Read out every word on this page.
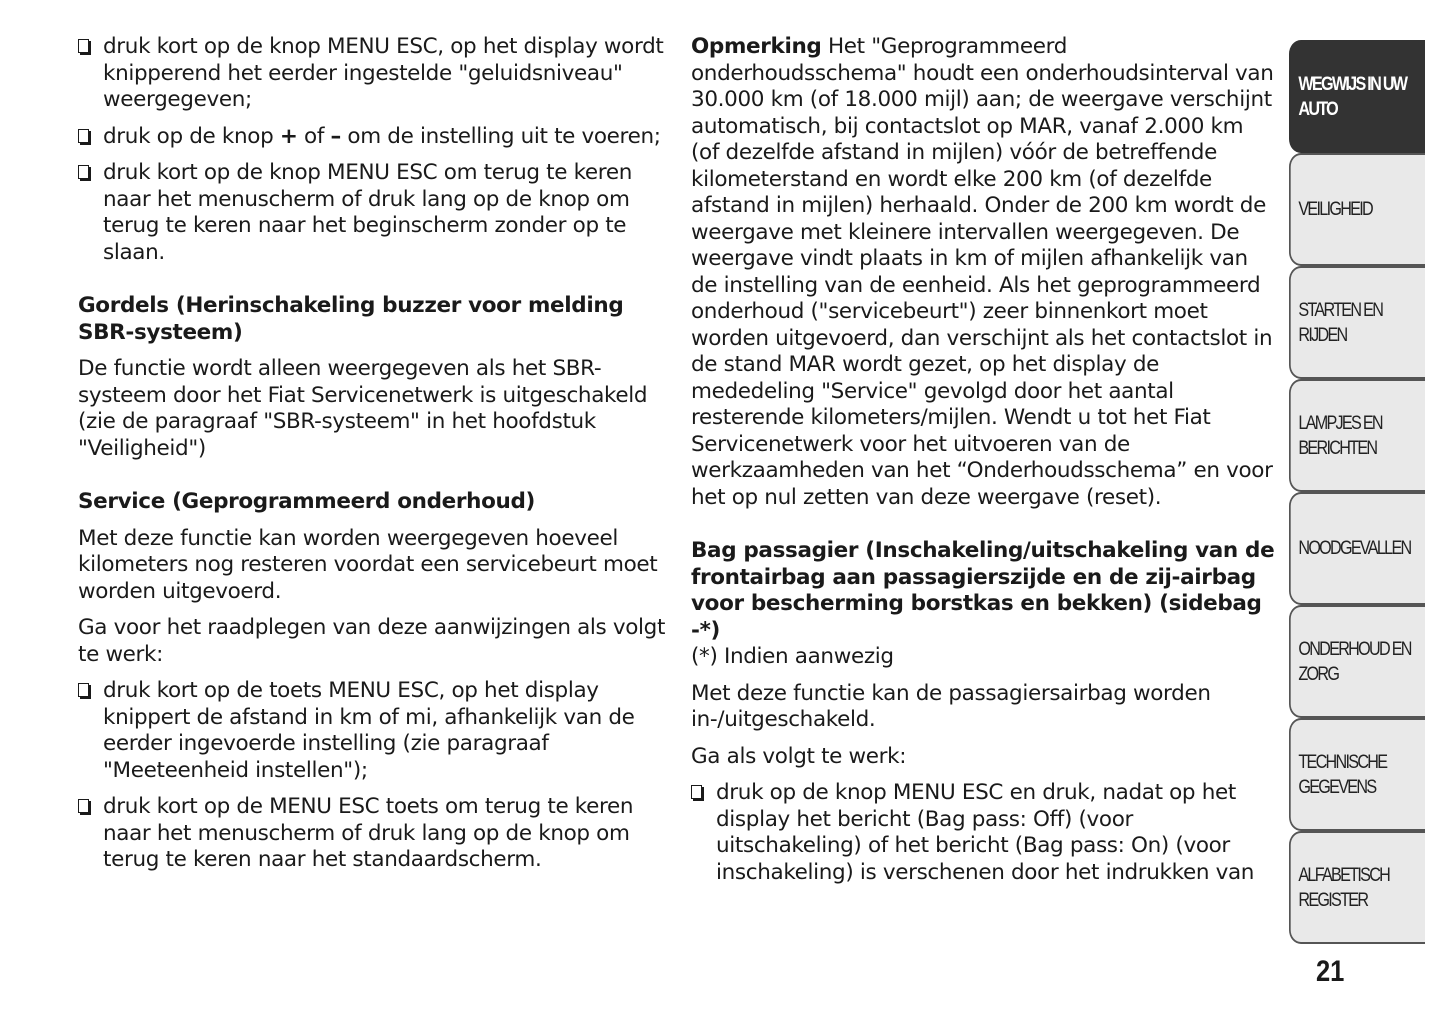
druk kort op de knop MENU ESC, op het display wordt knipperend het eerder ingestelde "geluidsniveau" weergegeven;

druk op de knop + of – om de instelling uit te voeren;

druk kort op de knop MENU ESC om terug te keren naar het menuscherm of druk lang op de knop om terug te keren naar het beginscherm zonder op te slaan.

Gordels (Herinschakeling buzzer voor melding SBR-systeem)

De functie wordt alleen weergegeven als het SBR-systeem door het Fiat Servicenetwerk is uitgeschakeld (zie de paragraaf "SBR-systeem" in het hoofdstuk "Veiligheid")

Service (Geprogrammeerd onderhoud)

Met deze functie kan worden weergegeven hoeveel kilometers nog resteren voordat een servicebeurt moet worden uitgevoerd.

Ga voor het raadplegen van deze aanwijzingen als volgt te werk:

druk kort op de toets MENU ESC, op het display knippert de afstand in km of mi, afhankelijk van de eerder ingevoerde instelling (zie paragraaf "Meeteenheid instellen");

druk kort op de MENU ESC toets om terug te keren naar het menuscherm of druk lang op de knop om terug te keren naar het standaardscherm.

Opmerking Het "Geprogrammeerd onderhoudsschema" houdt een onderhoudsinterval van 30.000 km (of 18.000 mijl) aan; de weergave verschijnt automatisch, bij contactslot op MAR, vanaf 2.000 km (of dezelfde afstand in mijlen) vóór de betreffende kilometerstand en wordt elke 200 km (of dezelfde afstand in mijlen) herhaald. Onder de 200 km wordt de weergave met kleinere intervallen weergegeven. De weergave vindt plaats in km of mijlen afhankelijk van de instelling van de eenheid. Als het geprogrammeerd onderhoud ("servicebeurt") zeer binnenkort moet worden uitgevoerd, dan verschijnt als het contactslot in de stand MAR wordt gezet, op het display de mededeling "Service" gevolgd door het aantal resterende kilometers/mijlen. Wendt u tot het Fiat Servicenetwerk voor het uitvoeren van de werkzaamheden van het “Onderhoudsschema” en voor het op nul zetten van deze weergave (reset).

Bag passagier (Inschakeling/uitschakeling van de frontairbag aan passagierszijde en de zij-airbag voor bescherming borstkas en bekken) (sidebag -*)

(*) Indien aanwezig

Met deze functie kan de passagiersairbag worden in-/uitgeschakeld.

Ga als volgt te werk:

druk op de knop MENU ESC en druk, nadat op het display het bericht (Bag pass: Off) (voor uitschakeling) of het bericht (Bag pass: On) (voor inschakeling) is verschenen door het indrukken van

WEGWIJS IN UW
AUTO
VEILIGHEID
STARTEN EN RIJDEN
LAMPJES EN
BERICHTEN
NOODGEVALLEN
ONDERHOUD EN
ZORG
TECHNISCHE
GEGEVENS
ALFABETISCH
REGISTER
21
